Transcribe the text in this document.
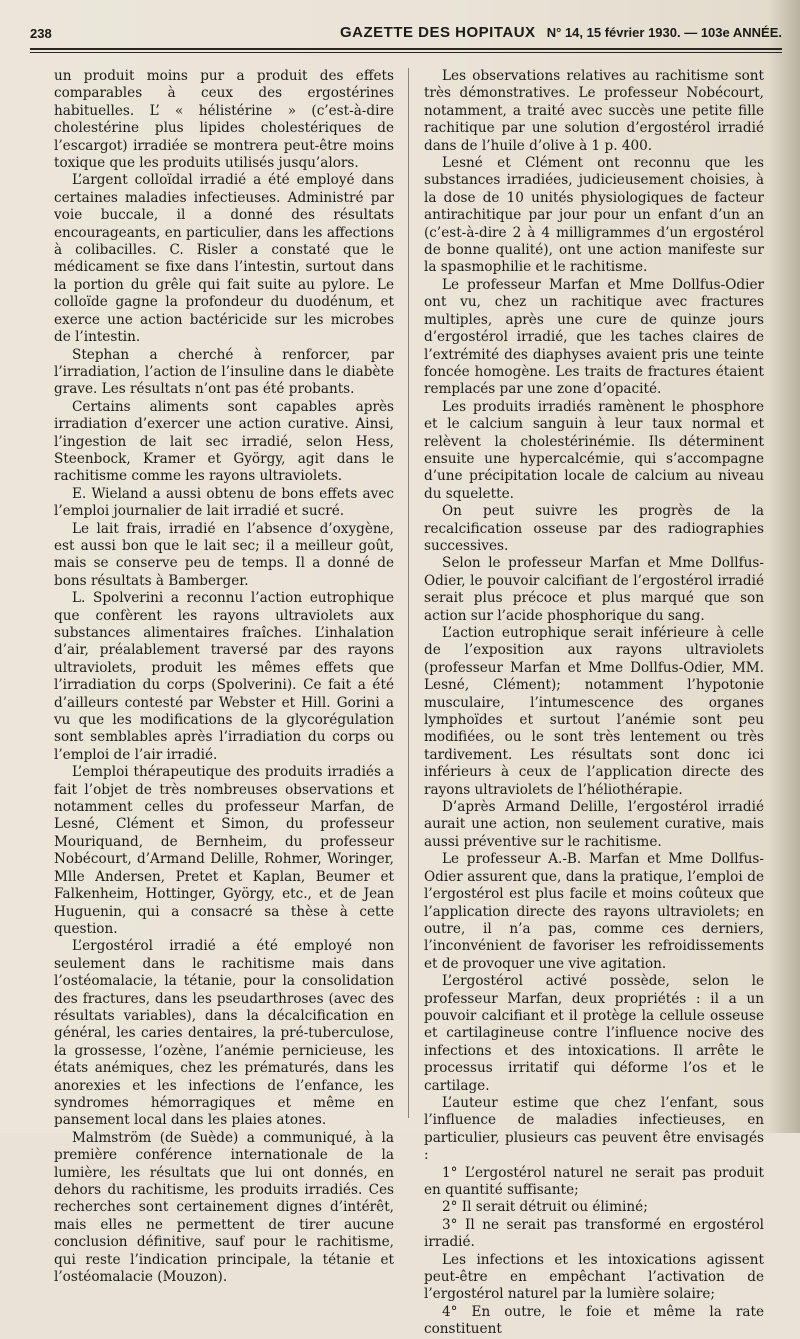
238	GAZETTE DES HOPITAUX N° 14, 15 février 1930. — 103e ANNÉE.

un produit moins pur a produit des effets comparables à ceux des ergostérines habituelles. L’ « hélistérine » (c’est-à-dire cholestérine plus lipides cholestériques de l’escargot) irradiée se montrera peut-être moins toxique que les produits utilisés jusqu’alors.

L’argent colloïdal irradié a été employé dans certaines maladies infectieuses. Administré par voie buccale, il a donné des résultats encourageants, en particulier, dans les affections à colibacilles. C. Risler a constaté que le médicament se fixe dans l’intestin, surtout dans la portion du grêle qui fait suite au pylore. Le colloïde gagne la profondeur du duodénum, et exerce une action bactéricide sur les microbes de l’intestin.

Stephan a cherché à renforcer, par l’irradiation, l’action de l’insuline dans le diabète grave. Les résultats n’ont pas été probants.

Certains aliments sont capables après irradiation d’exercer une action curative. Ainsi, l’ingestion de lait sec irradié, selon Hess, Steenbock, Kramer et György, agit dans le rachitisme comme les rayons ultraviolets.

E. Wieland a aussi obtenu de bons effets avec l’emploi journalier de lait irradié et sucré.

Le lait frais, irradié en l’absence d’oxygène, est aussi bon que le lait sec; il a meilleur goût, mais se conserve peu de temps. Il a donné de bons résultats à Bamberger.

L. Spolverini a reconnu l’action eutrophique que confèrent les rayons ultraviolets aux substances alimentaires fraîches. L’inhalation d’air, préalablement traversé par des rayons ultraviolets, produit les mêmes effets que l’irradiation du corps (Spolverini). Ce fait a été d’ailleurs contesté par Webster et Hill. Gorini a vu que les modifications de la glycorégulation sont semblables après l’irradiation du corps ou l’emploi de l’air irradié.

L’emploi thérapeutique des produits irradiés a fait l’objet de très nombreuses observations et notamment celles du professeur Marfan, de Lesné, Clément et Simon, du professeur Mouriquand, de Bernheim, du professeur Nobécourt, d’Armand Delille, Rohmer, Woringer, Mlle Andersen, Pretet et Kaplan, Beumer et Falkenheim, Hottinger, György, etc., et de Jean Huguenin, qui a consacré sa thèse à cette question.

L’ergostérol irradié a été employé non seulement dans le rachitisme mais dans l’ostéomalacie, la tétanie, pour la consolidation des fractures, dans les pseudarthroses (avec des résultats variables), dans la décalcification en général, les caries dentaires, la pré-tuberculose, la grossesse, l’ozène, l’anémie pernicieuse, les états anémiques, chez les prématurés, dans les anorexies et les infections de l’enfance, les syndromes hémorragiques et même en pansement local dans les plaies atones.

Malmström (de Suède) a communiqué, à la première conférence internationale de la lumière, les résultats que lui ont donnés, en dehors du rachitisme, les produits irradiés. Ces recherches sont certainement dignes d’intérêt, mais elles ne permettent de tirer aucune conclusion définitive, sauf pour le rachitisme, qui reste l’indication principale, la tétanie et l’ostéomalacie (Mouzon).

Les observations relatives au rachitisme sont très démonstratives. Le professeur Nobécourt, notamment, a traité avec succès une petite fille rachitique par une solution d’ergostérol irradié dans de l’huile d’olive à 1 p. 400.

Lesné et Clément ont reconnu que les substances irradiées, judicieusement choisies, à la dose de 10 unités physiologiques de facteur antirachitique par jour pour un enfant d’un an (c’est-à-dire 2 à 4 milligrammes d’un ergostérol de bonne qualité), ont une action manifeste sur la spasmophilie et le rachitisme.

Le professeur Marfan et Mme Dollfus-Odier ont vu, chez un rachitique avec fractures multiples, après une cure de quinze jours d’ergostérol irradié, que les taches claires de l’extrémité des diaphyses avaient pris une teinte foncée homogène. Les traits de fractures étaient remplacés par une zone d’opacité.

Les produits irradiés ramènent le phosphore et le calcium sanguin à leur taux normal et relèvent la cholestérinémie. Ils déterminent ensuite une hypercalcémie, qui s’accompagne d’une précipitation locale de calcium au niveau du squelette.

On peut suivre les progrès de la recalcification osseuse par des radiographies successives.

Selon le professeur Marfan et Mme Dollfus-Odier, le pouvoir calcifiant de l’ergostérol irradié serait plus précoce et plus marqué que son action sur l’acide phosphorique du sang.

L’action eutrophique serait inférieure à celle de l’exposition aux rayons ultraviolets (professeur Marfan et Mme Dollfus-Odier, MM. Lesné, Clément); notamment l’hypotonie musculaire, l’intumescence des organes lymphoïdes et surtout l’anémie sont peu modifiées, ou le sont très lentement ou très tardivement. Les résultats sont donc ici inférieurs à ceux de l’application directe des rayons ultraviolets de l’héliothérapie.

D’après Armand Delille, l’ergostérol irradié aurait une action, non seulement curative, mais aussi préventive sur le rachitisme.

Le professeur A.-B. Marfan et Mme Dollfus-Odier assurent que, dans la pratique, l’emploi de l’ergostérol est plus facile et moins coûteux que l’application directe des rayons ultraviolets; en outre, il n’a pas, comme ces derniers, l’inconvénient de favoriser les refroidissements et de provoquer une vive agitation.

L’ergostérol activé possède, selon le professeur Marfan, deux propriétés : il a un pouvoir calcifiant et il protège la cellule osseuse et cartilagineuse contre l’influence nocive des infections et des intoxications. Il arrête le processus irritatif qui déforme l’os et le cartilage.

L’auteur estime que chez l’enfant, sous l’influence de maladies infectieuses, en particulier, plusieurs cas peuvent être envisagés :

1° L’ergostérol naturel ne serait pas produit en quantité suffisante;

2° Il serait détruit ou éliminé;

3° Il ne serait pas transformé en ergostérol irradié.

Les infections et les intoxications agissent peut-être en empêchant l’activation de l’ergostérol naturel par la lumière solaire;

4° En outre, le foie et même la rate constituent
